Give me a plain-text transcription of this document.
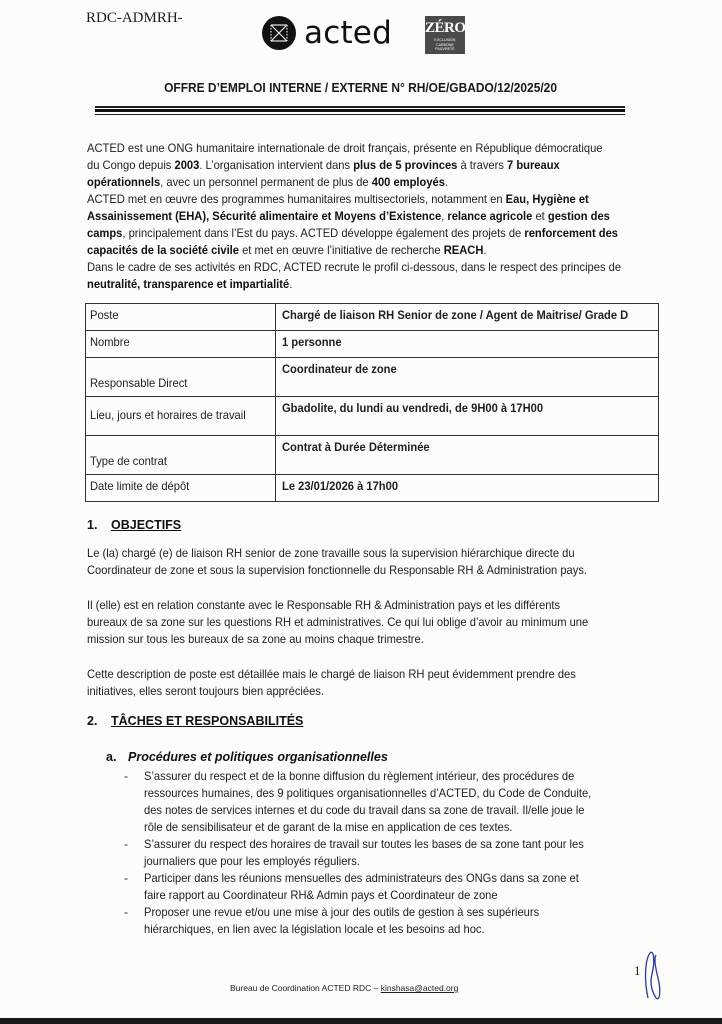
RDC-ADMRH-	acted ZÉRO
EXCLUSION
CARBONE
PAUVRETÉ
OFFRE D’EMPLOI INTERNE / EXTERNE N° RH/OE/GBADO/12/2025/20

ACTED est une ONG humanitaire internationale de droit français, présente en République démocratique

du Congo depuis 2003. L’organisation intervient dans plus de 5 provinces à travers 7 bureaux

opérationnels, avec un personnel permanent de plus de 400 employés.

ACTED met en œuvre des programmes humanitaires multisectoriels, notamment en Eau, Hygiène et

Assainissement (EHA), Sécurité alimentaire et Moyens d’Existence, relance agricole et gestion des

camps, principalement dans l’Est du pays. ACTED développe également des projets de renforcement des

capacités de la société civile et met en œuvre l’initiative de recherche REACH.

Dans le cadre de ses activités en RDC, ACTED recrute le profil ci-dessous, dans le respect des principes de

neutralité, transparence et impartialité.

Poste	Chargé de liaison RH Senior de zone / Agent de Maitrise/ Grade D
Nombre	1 personne
Responsable Direct	Coordinateur de zone
Lieu, jours et horaires de travail	Gbadolite, du lundi au vendredi, de 9H00 à 17H00
Type de contrat	Contrat à Durée Déterminée
Date limite de dépôt	Le 23/01/2026 à 17h00
1. OBJECTIFS
Le (la) chargé (e) de liaison RH senior de zone travaille sous la supervision hiérarchique directe du
Coordinateur de zone et sous la supervision fonctionnelle du Responsable RH & Administration pays.
Il (elle) est en relation constante avec le Responsable RH & Administration pays et les différents
bureaux de sa zone sur les questions RH et administratives. Ce qui lui oblige d’avoir au minimum une
mission sur tous les bureaux de sa zone au moins chaque trimestre.
Cette description de poste est détaillée mais le chargé de liaison RH peut évidemment prendre des
initiatives, elles seront toujours bien appréciées.
2. TÂCHES ET RESPONSABILITÉS
a. Procédures et politiques organisationnelles
- S’assurer du respect et de la bonne diffusion du règlement intérieur, des procédures de
ressources humaines, des 9 politiques organisationnelles d’ACTED, du Code de Conduite,
des notes de services internes et du code du travail dans sa zone de travail. Il/elle joue le
rôle de sensibilisateur et de garant de la mise en application de ces textes.
- S’assurer du respect des horaires de travail sur toutes les bases de sa zone tant pour les
journaliers que pour les employés réguliers.
- Participer dans les réunions mensuelles des administrateurs des ONGs dans sa zone et
faire rapport au Coordinateur RH& Admin pays et Coordinateur de zone
- Proposer une revue et/ou une mise à jour des outils de gestion à ses supérieurs
hiérarchiques, en lien avec la législation locale et les besoins ad hoc.
1
Bureau de Coordination ACTED RDC – kinshasa@acted.org
